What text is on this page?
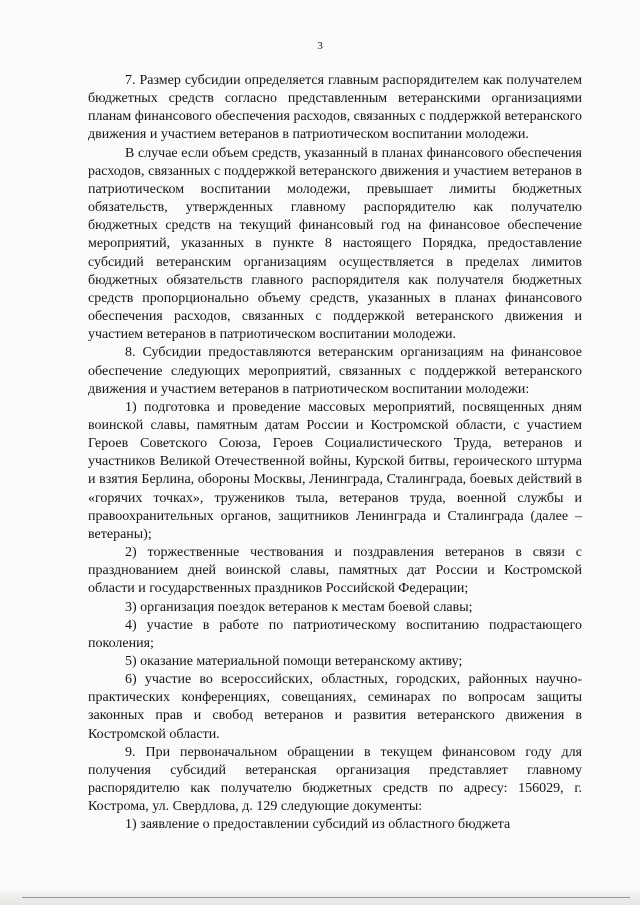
3

7. Размер субсидии определяется главным распорядителем как получателем бюджетных средств согласно представленным ветеранскими организациями планам финансового обеспечения расходов, связанных с поддержкой ветеранского движения и участием ветеранов в патриотическом воспитании молодежи.

В случае если объем средств, указанный в планах финансового обеспечения расходов, связанных с поддержкой ветеранского движения и участием ветеранов в патриотическом воспитании молодежи, превышает лимиты бюджетных обязательств, утвержденных главному распорядителю как получателю бюджетных средств на текущий финансовый год на финансовое обеспечение мероприятий, указанных в пункте 8 настоящего Порядка, предоставление субсидий ветеранским организациям осуществляется в пределах лимитов бюджетных обязательств главного распорядителя как получателя бюджетных средств пропорционально объему средств, указанных в планах финансового обеспечения расходов, связанных с поддержкой ветеранского движения и участием ветеранов в патриотическом воспитании молодежи.

8. Субсидии предоставляются ветеранским организациям на финансовое обеспечение следующих мероприятий, связанных с поддержкой ветеранского движения и участием ветеранов в патриотическом воспитании молодежи:

1) подготовка и проведение массовых мероприятий, посвященных дням воинской славы, памятным датам России и Костромской области, с участием Героев Советского Союза, Героев Социалистического Труда, ветеранов и участников Великой Отечественной войны, Курской битвы, героического штурма и взятия Берлина, обороны Москвы, Ленинграда, Сталинграда, боевых действий в «горячих точках», тружеников тыла, ветеранов труда, военной службы и правоохранительных органов, защитников Ленинграда и Сталинграда (далее – ветераны);

2) торжественные чествования и поздравления ветеранов в связи с празднованием дней воинской славы, памятных дат России и Костромской области и государственных праздников Российской Федерации;

3) организация поездок ветеранов к местам боевой славы;

4) участие в работе по патриотическому воспитанию подрастающего поколения;

5) оказание материальной помощи ветеранскому активу;

6) участие во всероссийских, областных, городских, районных научно-практических конференциях, совещаниях, семинарах по вопросам защиты законных прав и свобод ветеранов и развития ветеранского движения в Костромской области.

9. При первоначальном обращении в текущем финансовом году для получения субсидий ветеранская организация представляет главному распорядителю как получателю бюджетных средств по адресу: 156029, г. Кострома, ул. Свердлова, д. 129 следующие документы:

1) заявление о предоставлении субсидий из областного бюджета
